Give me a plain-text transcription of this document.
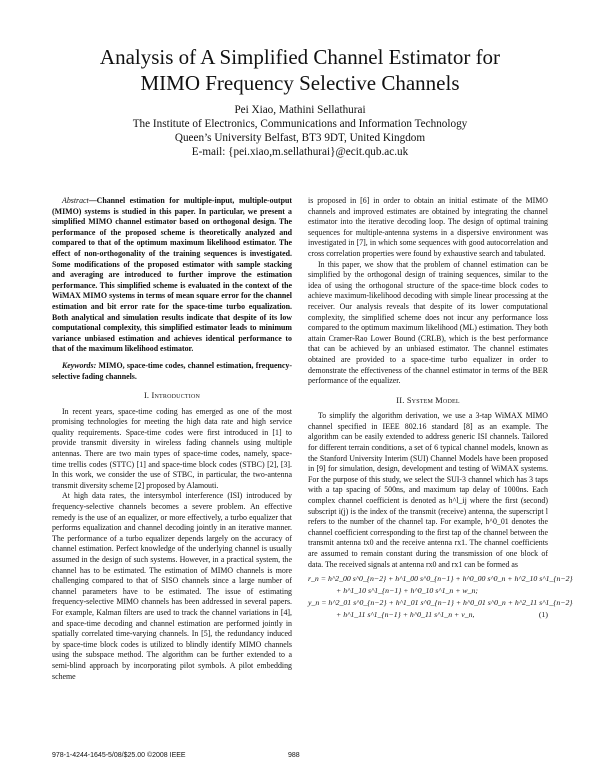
Analysis of A Simplified Channel Estimator for MIMO Frequency Selective Channels
Pei Xiao, Mathini Sellathurai
The Institute of Electronics, Communications and Information Technology
Queen’s University Belfast, BT3 9DT, United Kingdom
E-mail: {pei.xiao,m.sellathurai}@ecit.qub.ac.uk

Abstract—Channel estimation for multiple-input, multiple-output (MIMO) systems is studied in this paper. In particular, we present a simplified MIMO channel estimator based on orthogonal design. The performance of the proposed scheme is theoretically analyzed and compared to that of the optimum maximum likelihood estimator. The effect of non-orthogonality of the training sequences is investigated. Some modifications of the proposed estimator with sample stacking and averaging are introduced to further improve the estimation performance. This simplified scheme is evaluated in the context of the WiMAX MIMO systems in terms of mean square error for the channel estimation and bit error rate for the space-time turbo equalization. Both analytical and simulation results indicate that despite of its low computational complexity, this simplified estimator leads to minimum variance unbiased estimation and achieves identical performance to that of the maximum likelihood estimator.

Keywords: MIMO, space-time codes, channel estimation, frequency-selective fading channels.

I. Introduction

In recent years, space-time coding has emerged as one of the most promising technologies for meeting the high data rate and high service quality requirements. Space-time codes were first introduced in [1] to provide transmit diversity in wireless fading channels using multiple antennas. There are two main types of space-time codes, namely, space-time trellis codes (STTC) [1] and space-time block codes (STBC) [2], [3]. In this work, we consider the use of STBC, in particular, the two-antenna transmit diversity scheme [2] proposed by Alamouti.

At high data rates, the intersymbol interference (ISI) introduced by frequency-selective channels becomes a severe problem. An effective remedy is the use of an equalizer, or more effectively, a turbo equalizer that performs equalization and channel decoding jointly in an iterative manner. The performance of a turbo equalizer depends largely on the accuracy of channel estimation. Perfect knowledge of the underlying channel is usually assumed in the design of such systems. However, in a practical system, the channel has to be estimated. The estimation of MIMO channels is more challenging compared to that of SISO channels since a large number of channel parameters have to be estimated. The issue of estimating frequency-selective MIMO channels has been addressed in several papers. For example, Kalman filters are used to track the channel variations in [4], and space-time decoding and channel estimation are performed jointly in spatially correlated time-varying channels. In [5], the redundancy induced by space-time block codes is utilized to blindly identify MIMO channels using the subspace method. The algorithm can be further extended to a semi-blind approach by incorporating pilot symbols. A pilot embedding scheme

is proposed in [6] in order to obtain an initial estimate of the MIMO channels and improved estimates are obtained by integrating the channel estimator into the iterative decoding loop. The design of optimal training sequences for multiple-antenna systems in a dispersive environment was investigated in [7], in which some sequences with good autocorrelation and cross correlation properties were found by exhaustive search and tabulated.

In this paper, we show that the problem of channel estimation can be simplified by the orthogonal design of training sequences, similar to the idea of using the orthogonal structure of the space-time block codes to achieve maximum-likelihood decoding with simple linear processing at the receiver. Our analysis reveals that despite of its lower computational complexity, the simplified scheme does not incur any performance loss compared to the optimum maximum likelihood (ML) estimation. They both attain Cramer-Rao Lower Bound (CRLB), which is the best performance that can be achieved by an unbiased estimator. The channel estimates obtained are provided to a space-time turbo equalizer in order to demonstrate the effectiveness of the channel estimator in terms of the BER performance of the equalizer.

II. System Model

To simplify the algorithm derivation, we use a 3-tap WiMAX MIMO channel specified in IEEE 802.16 standard [8] as an example. The algorithm can be easily extended to address generic ISI channels. Tailored for different terrain conditions, a set of 6 typical channel models, known as the Stanford University Interim (SUI) Channel Models have been proposed in [9] for simulation, design, development and testing of WiMAX systems. For the purpose of this study, we select the SUI-3 channel which has 3 taps with a tap spacing of 500ns, and maximum tap delay of 1000ns. Each complex channel coefficient is denoted as h^l_ij where the first (second) subscript i(j) is the index of the transmit (receive) antenna, the superscript l refers to the number of the channel tap. For example, h^0_01 denotes the channel coefficient corresponding to the first tap of the channel between the transmit antenna tx0 and the receive antenna rx1. The channel coefficients are assumed to remain constant during the transmission of one block of data. The received signals at antenna rx0 and rx1 can be formed as

r_n = h^2_00 s^0_{n−2} + h^1_00 s^0_{n−1} + h^0_00 s^0_n + h^2_10 s^1_{n−2}
+ h^1_10 s^1_{n−1} + h^0_10 s^1_n + w_n;
y_n = h^2_01 s^0_{n−2} + h^1_01 s^0_{n−1} + h^0_01 s^0_n + h^2_11 s^1_{n−2}
+ h^1_11 s^1_{n−1} + h^0_11 s^1_n + v_n,	(1)
978-1-4244-1645-5/08/$25.00 ©2008 IEEE	988
